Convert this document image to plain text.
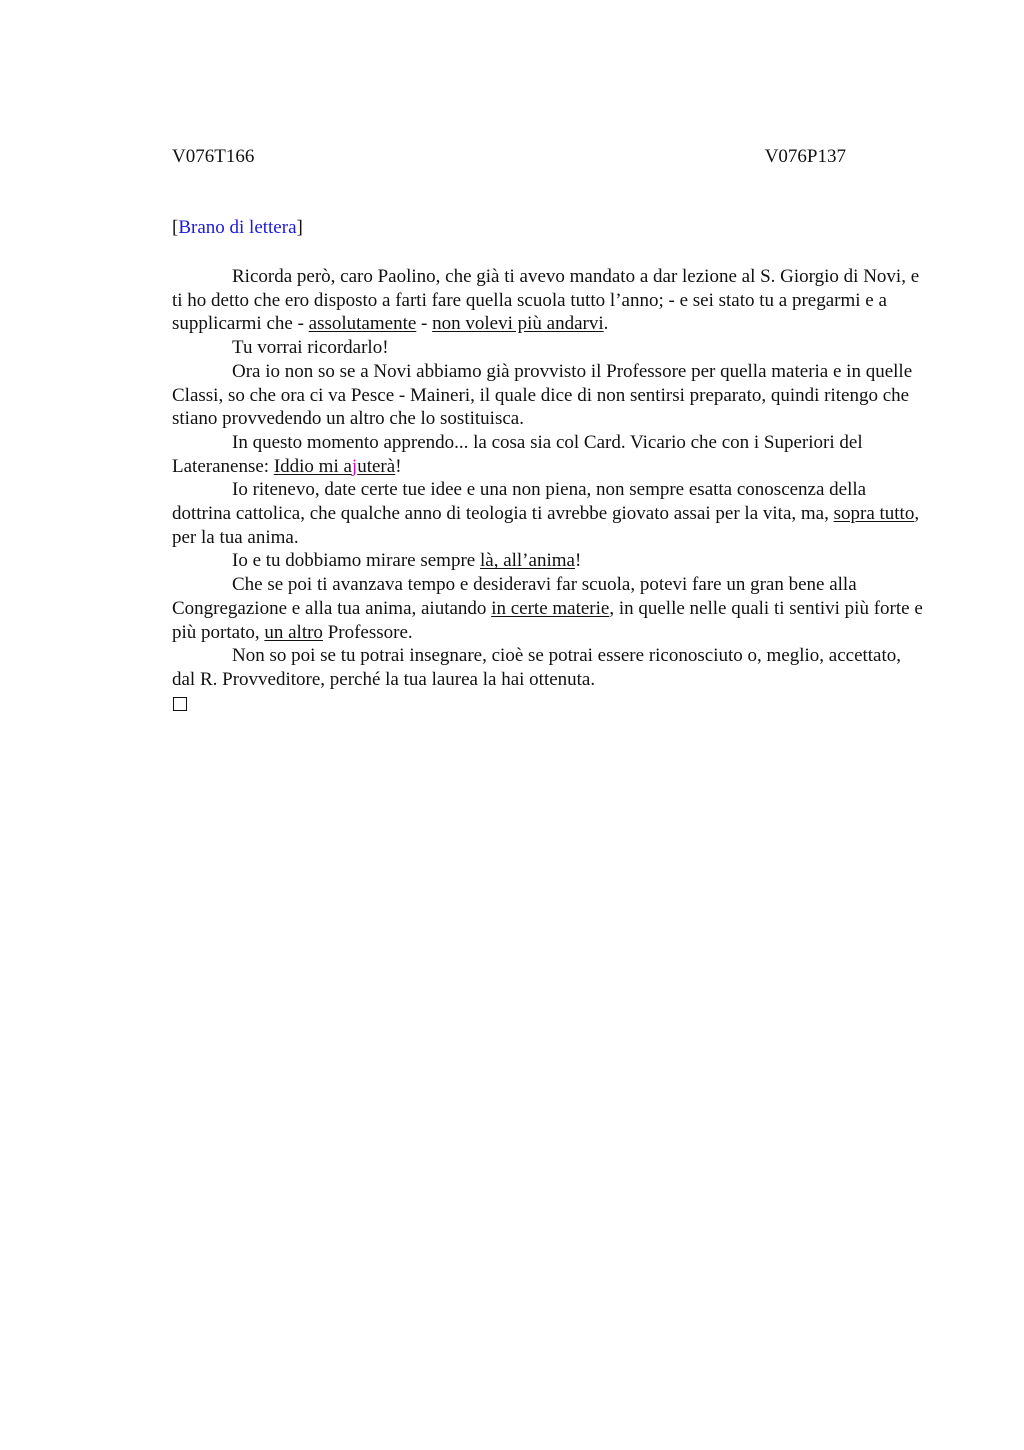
V076T166	V076P137
[Brano di lettera]

Ricorda però, caro Paolino, che già ti avevo mandato a dar lezione al S. Giorgio di Novi, e ti ho detto che ero disposto a farti fare quella scuola tutto l’anno; - e sei stato tu a pregarmi e a supplicarmi che - assolutamente - non volevi più andarvi.

Tu vorrai ricordarlo!

Ora io non so se a Novi abbiamo già provvisto il Professore per quella materia e in quelle Classi, so che ora ci va Pesce - Maineri, il quale dice di non sentirsi preparato, quindi ritengo che stiano provvedendo un altro che lo sostituisca.

In questo momento apprendo... la cosa sia col Card. Vicario che con i Superiori del Lateranense: Iddio mi ajuterà!

Io ritenevo, date certe tue idee e una non piena, non sempre esatta conoscenza della dottrina cattolica, che qualche anno di teologia ti avrebbe giovato assai per la vita, ma, sopra tutto, per la tua anima.

Io e tu dobbiamo mirare sempre là, all’anima!

Che se poi ti avanzava tempo e desideravi far scuola, potevi fare un gran bene alla Congregazione e alla tua anima, aiutando in certe materie, in quelle nelle quali ti sentivi più forte e più portato, un altro Professore.

Non so poi se tu potrai insegnare, cioè se potrai essere riconosciuto o, meglio, accettato, dal R. Provveditore, perché la tua laurea la hai ottenuta.
